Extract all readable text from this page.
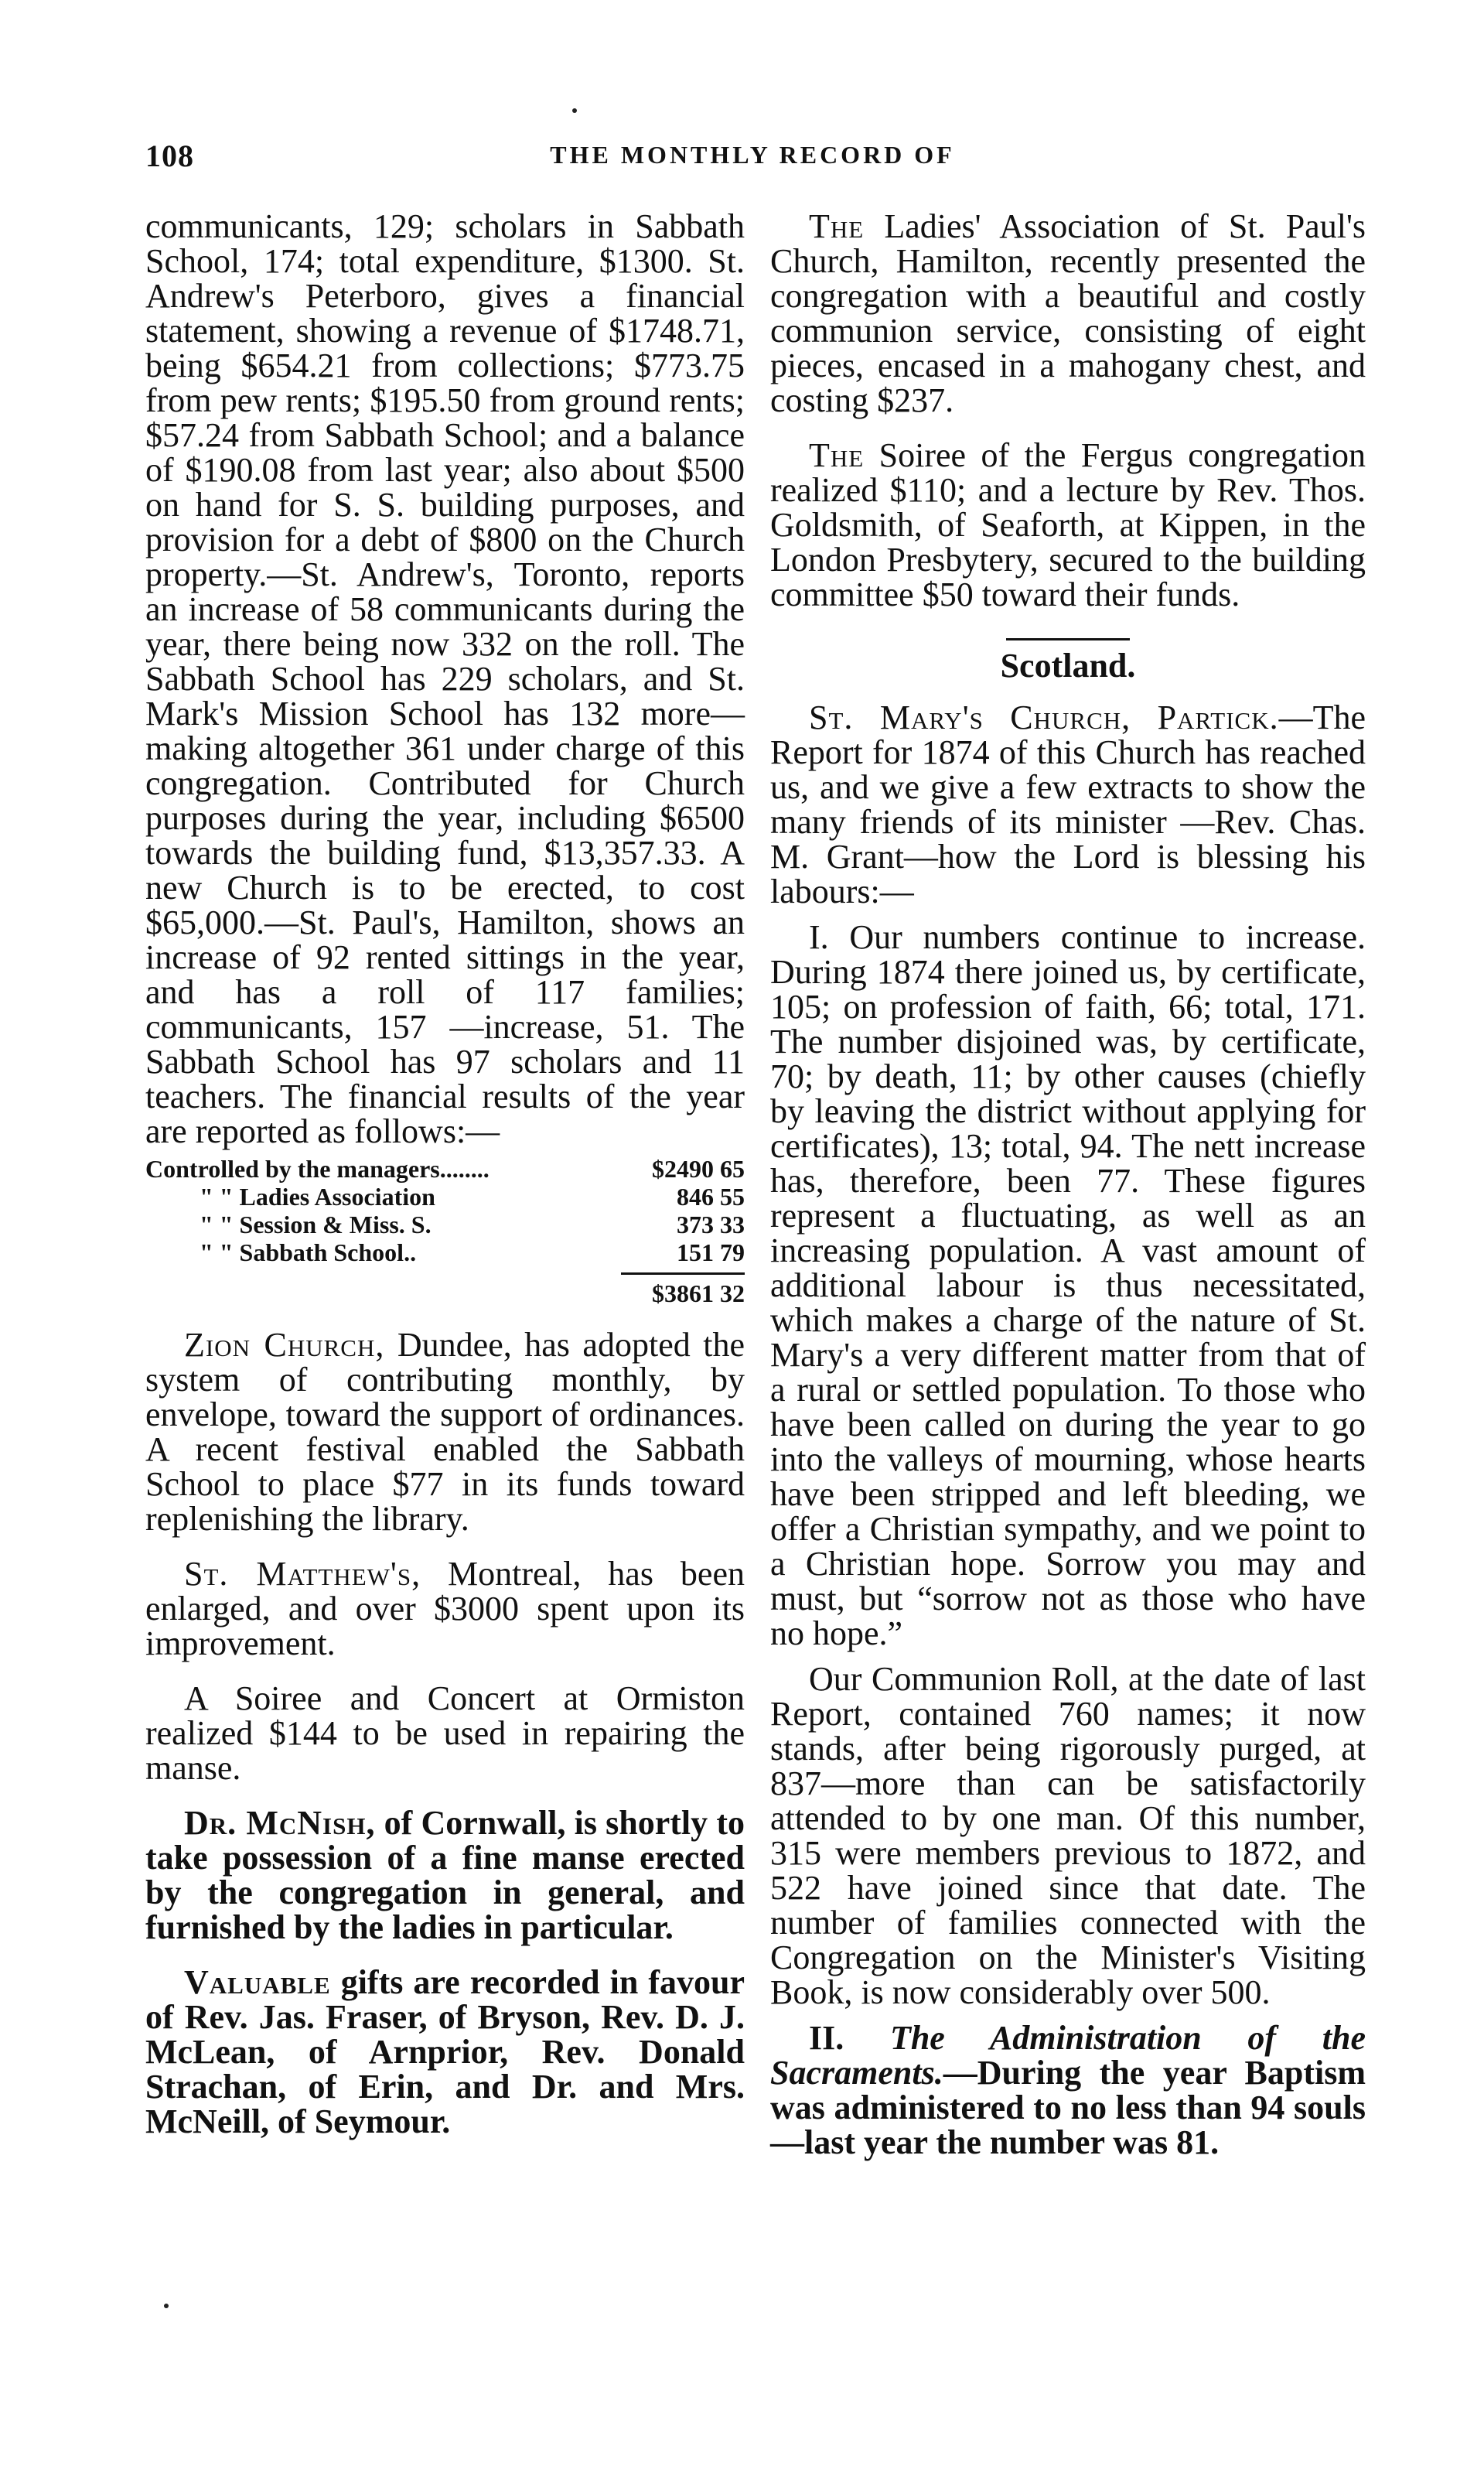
108	THE MONTHLY RECORD OF

communicants, 129; scholars in Sabbath School, 174; total expenditure, $1300. St. Andrew's Peterboro, gives a financial statement, showing a revenue of $1748.71, being $654.21 from collections; $773.75 from pew rents; $195.50 from ground rents; $57.24 from Sabbath School; and a balance of $190.08 from last year; also about $500 on hand for S. S. building purposes, and provision for a debt of $800 on the Church property.—St. Andrew's, Toronto, reports an increase of 58 communicants during the year, there being now 332 on the roll. The Sabbath School has 229 scholars, and St. Mark's Mission School has 132 more—making altogether 361 under charge of this congregation. Contributed for Church purposes during the year, including $6500 towards the building fund, $13,357.33. A new Church is to be erected, to cost $65,000.—St. Paul's, Hamilton, shows an increase of 92 rented sittings in the year, and has a roll of 117 families; communicants, 157 —increase, 51. The Sabbath School has 97 scholars and 11 teachers. The financial results of the year are reported as follows:—

Controlled by the managers........	$2490 65
" " Ladies Association	846 55
" " Session & Miss. S.	373 33
" " Sabbath School..	151 79
$3861 32

Zion Church, Dundee, has adopted the system of contributing monthly, by envelope, toward the support of ordinances. A recent festival enabled the Sabbath School to place $77 in its funds toward replenishing the library.

St. Matthew's, Montreal, has been enlarged, and over $3000 spent upon its improvement.

A Soiree and Concert at Ormiston realized $144 to be used in repairing the manse.

Dr. McNish, of Cornwall, is shortly to take possession of a fine manse erected by the congregation in general, and furnished by the ladies in particular.

Valuable gifts are recorded in favour of Rev. Jas. Fraser, of Bryson, Rev. D. J. McLean, of Arnprior, Rev. Donald Strachan, of Erin, and Dr. and Mrs. McNeill, of Seymour.

The Ladies' Association of St. Paul's Church, Hamilton, recently presented the congregation with a beautiful and costly communion service, consisting of eight pieces, encased in a mahogany chest, and costing $237.

The Soiree of the Fergus congregation realized $110; and a lecture by Rev. Thos. Goldsmith, of Seaforth, at Kippen, in the London Presbytery, secured to the building committee $50 toward their funds.

Scotland.

St. Mary's Church, Partick.—The Report for 1874 of this Church has reached us, and we give a few extracts to show the many friends of its minister —Rev. Chas. M. Grant—how the Lord is blessing his labours:—

I. Our numbers continue to increase. During 1874 there joined us, by certificate, 105; on profession of faith, 66; total, 171. The number disjoined was, by certificate, 70; by death, 11; by other causes (chiefly by leaving the district without applying for certificates), 13; total, 94. The nett increase has, therefore, been 77. These figures represent a fluctuating, as well as an increasing population. A vast amount of additional labour is thus necessitated, which makes a charge of the nature of St. Mary's a very different matter from that of a rural or settled population. To those who have been called on during the year to go into the valleys of mourning, whose hearts have been stripped and left bleeding, we offer a Christian sympathy, and we point to a Christian hope. Sorrow you may and must, but “sorrow not as those who have no hope.”

Our Communion Roll, at the date of last Report, contained 760 names; it now stands, after being rigorously purged, at 837—more than can be satisfactorily attended to by one man. Of this number, 315 were members previous to 1872, and 522 have joined since that date. The number of families connected with the Congregation on the Minister's Visiting Book, is now considerably over 500.

II. The Administration of the Sacraments.—During the year Baptism was administered to no less than 94 souls—last year the number was 81.
